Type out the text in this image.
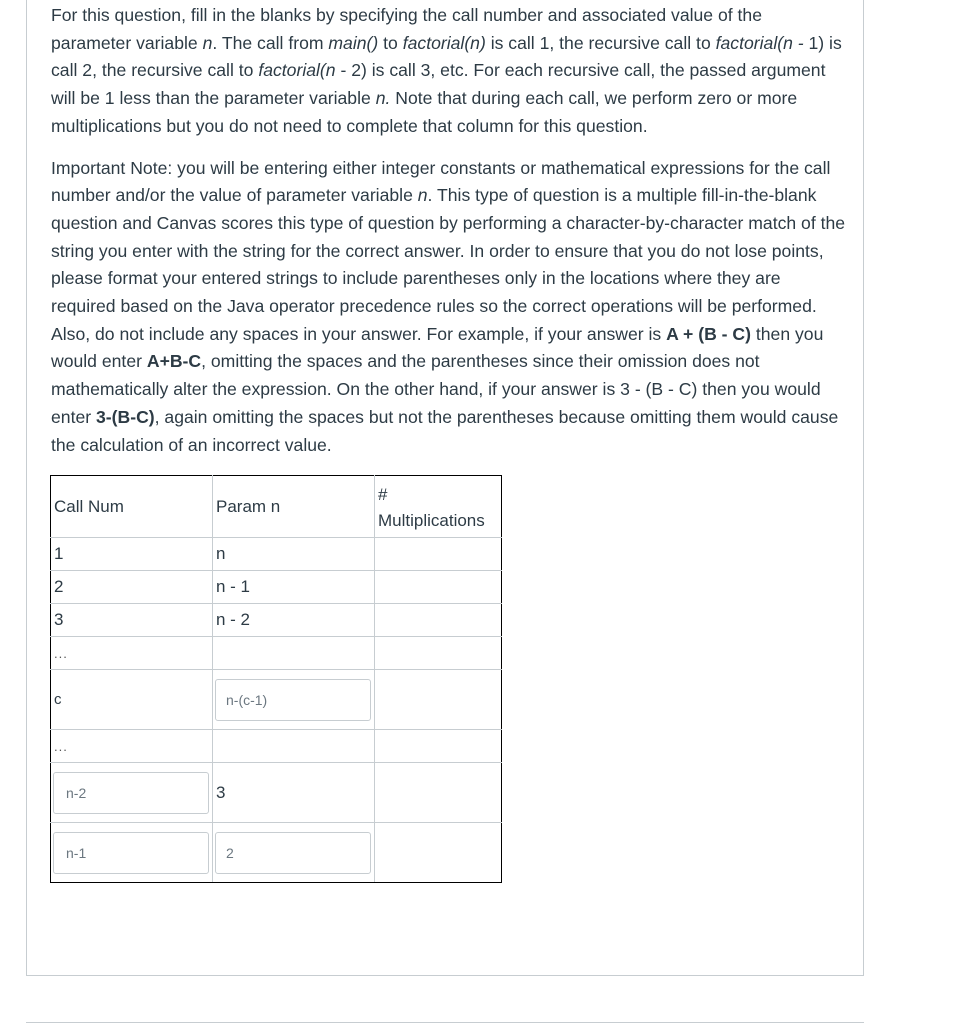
For this question, fill in the blanks by specifying the call number and associated value of the parameter variable n. The call from main() to factorial(n) is call 1, the recursive call to factorial(n - 1) is call 2, the recursive call to factorial(n - 2) is call 3, etc. For each recursive call, the passed argument will be 1 less than the parameter variable n. Note that during each call, we perform zero or more multiplications but you do not need to complete that column for this question.

Important Note: you will be entering either integer constants or mathematical expressions for the call number and/or the value of parameter variable n. This type of question is a multiple fill-in-the-blank question and Canvas scores this type of question by performing a character-by-character match of the string you enter with the string for the correct answer. In order to ensure that you do not lose points, please format your entered strings to include parentheses only in the locations where they are required based on the Java operator precedence rules so the correct operations will be performed. Also, do not include any spaces in your answer. For example, if your answer is A + (B - C) then you would enter A+B-C, omitting the spaces and the parentheses since their omission does not mathematically alter the expression. On the other hand, if your answer is 3 - (B - C) then you would enter 3-(B-C), again omitting the spaces but not the parentheses because omitting them would cause the calculation of an incorrect value.

Call Num	Param n	#
Multiplications
1	n	
2	n - 1	
3	n - 2	
...		
c	n-(c-1)	

...		

n-2	3	

n-1	2	
